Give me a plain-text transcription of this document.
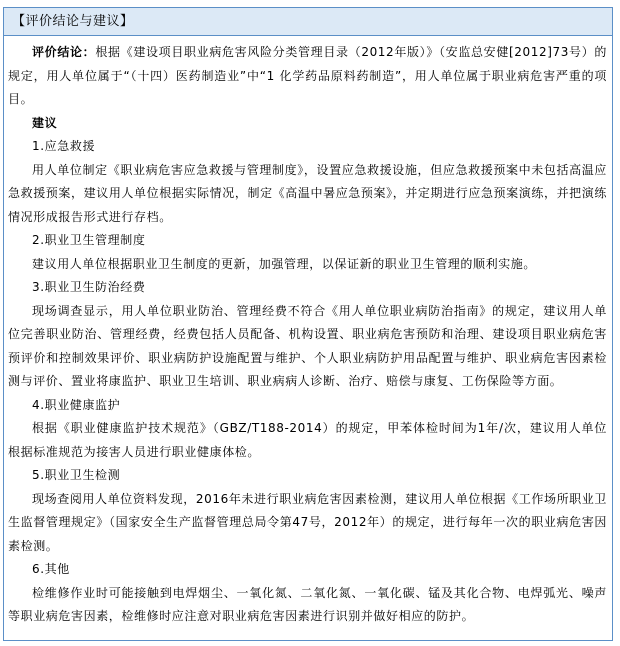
【评价结论与建议】

评价结论：根据《建设项目职业病危害风险分类管理目录（2012年版）》（安监总安健[2012]73号）的规定，用人单位属于“（十四）医药制造业”中“1 化学药品原料药制造”，用人单位属于职业病危害严重的项目。

建议

1.应急救援

用人单位制定《职业病危害应急救援与管理制度》，设置应急救援设施，但应急救援预案中未包括高温应急救援预案，建议用人单位根据实际情况，制定《高温中暑应急预案》，并定期进行应急预案演练，并把演练情况形成报告形式进行存档。

2.职业卫生管理制度

建议用人单位根据职业卫生制度的更新，加强管理，以保证新的职业卫生管理的顺利实施。

3.职业卫生防治经费

现场调查显示，用人单位职业防治、管理经费不符合《用人单位职业病防治指南》的规定，建议用人单位完善职业防治、管理经费，经费包括人员配备、机构设置、职业病危害预防和治理、建设项目职业病危害预评价和控制效果评价、职业病防护设施配置与维护、个人职业病防护用品配置与维护、职业病危害因素检测与评价、置业将康监护、职业卫生培训、职业病病人诊断、治疗、赔偿与康复、工伤保险等方面。

4.职业健康监护

根据《职业健康监护技术规范》（GBZ/T188-2014）的规定，甲苯体检时间为1年/次，建议用人单位根据标准规范为接害人员进行职业健康体检。

5.职业卫生检测

现场查阅用人单位资料发现，2016年未进行职业病危害因素检测，建议用人单位根据《工作场所职业卫生监督管理规定》（国家安全生产监督管理总局令第47号，2012年）的规定，进行每年一次的职业病危害因素检测。

6.其他

检维修作业时可能接触到电焊烟尘、一氧化氮、二氧化氮、一氧化碳、锰及其化合物、电焊弧光、噪声等职业病危害因素，检维修时应注意对职业病危害因素进行识别并做好相应的防护。
